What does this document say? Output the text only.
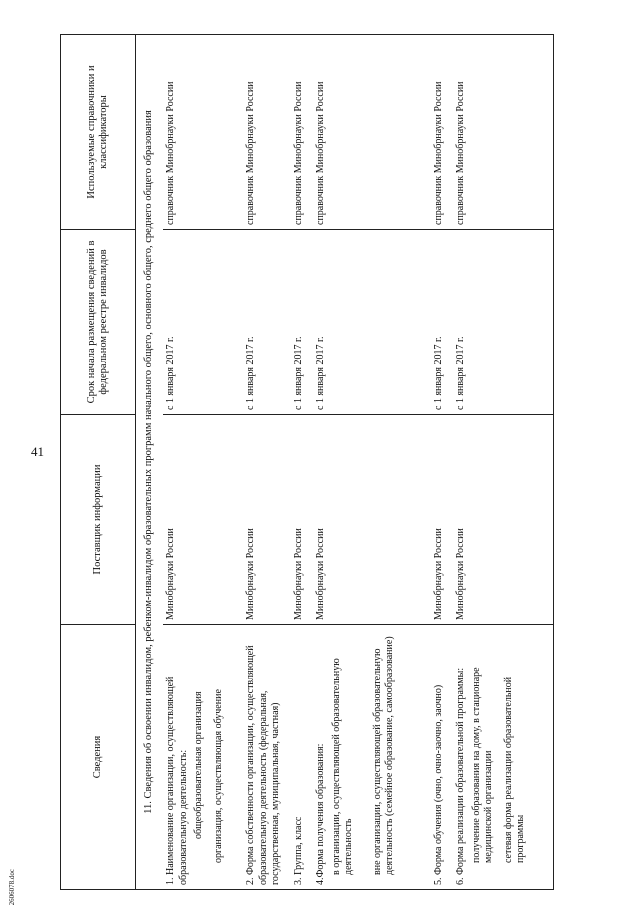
41
2606078.doc
Сведения	Поставщик информации	Срок начала размещения сведений в федеральном реестре инвалидов	Используемые справочники и классификаторы
11. Сведения об освоении инвалидом, ребенком-инвалидом образовательных программ начального общего, основного общего, среднего общего образования			
1. Наименование организации, осуществляющей образовательную деятельность: общеобразовательная организация организация, осуществляющая обучение	Минобрнауки России	с 1 января 2017 г.	справочник Минобрнауки России
2. Форма собственности организации, осуществляющей образовательную деятельность (федеральная, государственная, муниципальная, частная)	Минобрнауки России	с 1 января 2017 г.	справочник Минобрнауки России
3. Группа, класс	Минобрнауки России	с 1 января 2017 г.	справочник Минобрнауки России
4.Форма получения образования: в организации, осуществляющей образовательную деятельность вне организации, осуществляющей образовательную деятельность (семейное образование, самообразование)	Минобрнауки России	с 1 января 2017 г.	справочник Минобрнауки России
5. Форма обучения (очно, очно-заочно, заочно)	Минобрнауки России	с 1 января 2017 г.	справочник Минобрнауки России
6. Форма реализации образовательной программы: получение образования на дому, в стационаре медицинской организации сетевая форма реализации образовательной программы	Минобрнауки России	с 1 января 2017 г.	справочник Минобрнауки России
